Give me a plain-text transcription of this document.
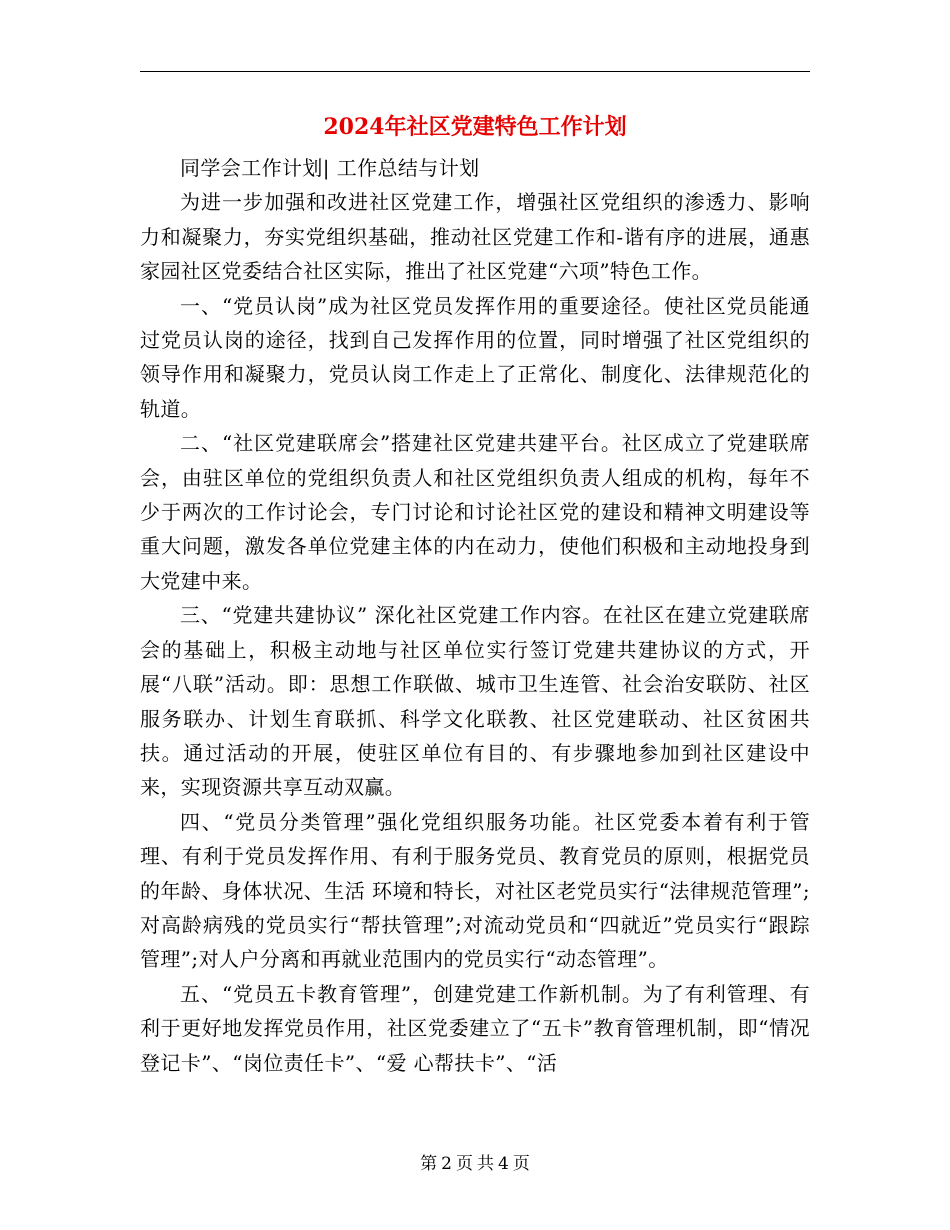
2024年社区党建特色工作计划

同学会工作计划| 工作总结与计划

为进一步加强和改进社区党建工作，增强社区党组织的渗透力、影响力和凝聚力，夯实党组织基础，推动社区党建工作和-谐有序的进展，通惠家园社区党委结合社区实际，推出了社区党建“六项”特色工作。

一、“党员认岗”成为社区党员发挥作用的重要途径。使社区党员能通过党员认岗的途径，找到自己发挥作用的位置，同时增强了社区党组织的领导作用和凝聚力，党员认岗工作走上了正常化、制度化、法律规范化的轨道。

二、“社区党建联席会”搭建社区党建共建平台。社区成立了党建联席会，由驻区单位的党组织负责人和社区党组织负责人组成的机构，每年不少于两次的工作讨论会，专门讨论和讨论社区党的建设和精神文明建设等重大问题，激发各单位党建主体的内在动力，使他们积极和主动地投身到大党建中来。

三、“党建共建协议” 深化社区党建工作内容。在社区在建立党建联席会的基础上，积极主动地与社区单位实行签订党建共建协议的方式，开展“八联”活动。即：思想工作联做、城市卫生连管、社会治安联防、社区服务联办、计划生育联抓、科学文化联教、社区党建联动、社区贫困共扶。通过活动的开展，使驻区单位有目的、有步骤地参加到社区建设中来，实现资源共享互动双赢。

四、“党员分类管理”强化党组织服务功能。社区党委本着有利于管理、有利于党员发挥作用、有利于服务党员、教育党员的原则，根据党员的年龄、身体状况、生活 环境和特长，对社区老党员实行“法律规范管理”;对高龄病残的党员实行“帮扶管理”;对流动党员和“四就近”党员实行“跟踪管理”;对人户分离和再就业范围内的党员实行“动态管理”。

五、“党员五卡教育管理”，创建党建工作新机制。为了有利管理、有利于更好地发挥党员作用，社区党委建立了“五卡”教育管理机制，即“情况登记卡”、“岗位责任卡”、“爱 心帮扶卡”、“活

第 2 页 共 4 页
